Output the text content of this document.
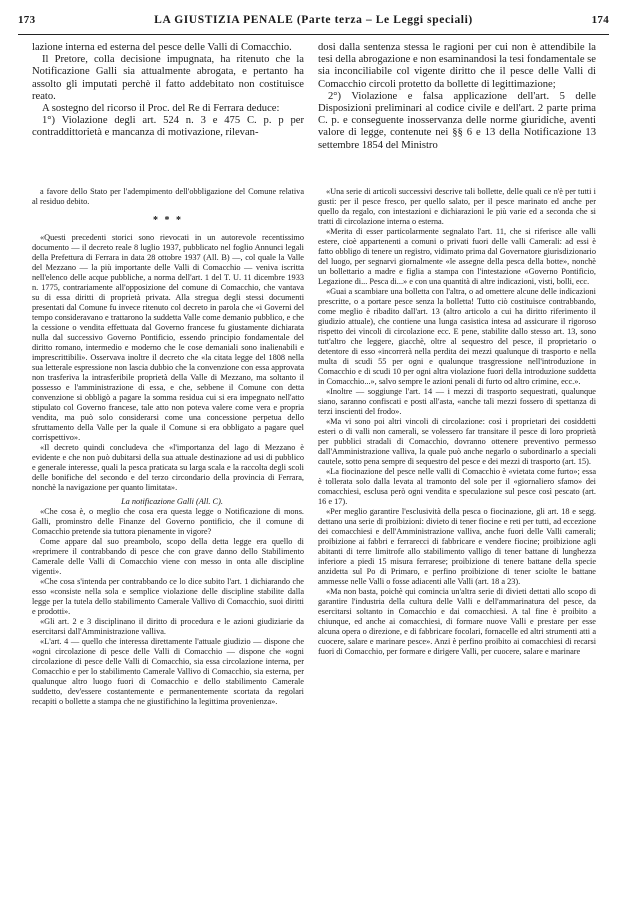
173	LA GIUSTIZIA PENALE (Parte terza – Le Leggi speciali)	174

lazione interna ed esterna del pesce delle Valli di Comacchio.

Il Pretore, colla decisione impugnata, ha ritenuto che la Notificazione Galli sia attualmente abrogata, e pertanto ha assolto gli imputati perchè il fatto addebitato non costituisce reato.

A sostegno del ricorso il Proc. del Re di Ferrara deduce:

1°) Violazione degli art. 524 n. 3 e 475 C. p. p per contraddittorietà e mancanza di motivazione, rilevan-

dosi dalla sentenza stessa le ragioni per cui non è attendibile la tesi della abrogazione e non esaminandosi la tesi fondamentale se sia inconciliabile col vigente diritto che il pesce delle Valli di Comacchio circoli protetto da bollette di legittimazione;

2°) Violazione e falsa applicazione dell'art. 5 delle Disposizioni preliminari al codice civile e dell'art. 2 parte prima C. p. e conseguente inosservanza delle norme giuridiche, aventi valore di legge, contenute nei §§ 6 e 13 della Notificazione 13 settembre 1854 del Ministro

a favore dello Stato per l'adempimento dell'obbligazione del Comune relativa al residuo debito.

* * *

«Questi precedenti storici sono rievocati in un autorevole recentissimo documento — il decreto reale 8 luglio 1937, pubblicato nel foglio Annunci legali della Prefettura di Ferrara in data 28 ottobre 1937 (All. B) —, col quale la Valle del Mezzano — la più importante delle Valli di Comacchio — veniva iscritta nell'elenco delle acque pubbliche, a norma dell'art. 1 del T. U. 11 dicembre 1933 n. 1775, contrariamente all'opposizione del comune di Comacchio, che vantava su di essa diritti di proprietà privata. Alla stregua degli stessi documenti presentati dal Comune fu invece ritenuto col decreto in parola che «i Governi del tempo consideravano e trattarono la suddetta Valle come demanio pubblico, e che la cessione o vendita effettuata dal Governo francese fu giustamente dichiarata nulla dal successivo Governo Pontificio, essendo principio fondamentale del diritto romano, intermedio e moderno che le cose demaniali sono inalienabili e imprescrittibili». Osservava inoltre il decreto che «la citata legge del 1808 nella sua letterale espressione non lascia dubbio che la convenzione con essa approvata non trasferiva la intrasferibile proprietà della Valle di Mezzano, ma soltanto il possesso e l'amministrazione di essa, e che, sebbene il Comune con detta convenzione si obbligò a pagare la somma residua cui si era impegnato nell'atto stipulato col Governo francese, tale atto non poteva valere come vera e propria vendita, ma può solo considerarsi come una concessione perpetua dello sfruttamento della Valle per la quale il Comune si era obbligato a pagare quel corrispettivo».

«Il decreto quindi concludeva che «l'importanza del lago di Mezzano è evidente e che non può dubitarsi della sua attuale destinazione ad usi di pubblico e generale interesse, quali la pesca praticata su larga scala e la raccolta degli scoli delle bonifiche del secondo e del terzo circondario della provincia di Ferrara, nonchè la navigazione per quanto limitata».

La notificazione Galli (All. C).

«Che cosa è, o meglio che cosa era questa legge o Notificazione di mons. Galli, prominstro delle Finanze del Governo pontificio, che il comune di Comacchio pretende sia tuttora pienamente in vigore?

Come appare dal suo preambolo, scopo della detta legge era quello di «reprimere il contrabbando di pesce che con grave danno dello Stabilimento Camerale delle Valli di Comacchio viene con messo in onta alle discipline vigenti».

«Che cosa s'intenda per contrabbando ce lo dice subito l'art. 1 dichiarando che esso «consiste nella sola e semplice violazione delle discipline stabilite dalla legge per la tutela dello stabilimento Camerale Vallivo di Comacchio, suoi diritti e prodotti».

«Gli art. 2 e 3 disciplinano il diritto di procedura e le azioni giudiziarie da esercitarsi dall'Amministrazione valliva.

«L'art. 4 — quello che interessa direttamente l'attuale giudizio — dispone che «ogni circolazione di pesce delle Valli di Comacchio — dispone che «ogni circolazione di pesce delle Valli di Comacchio, sia essa circolazione interna, per Comacchio e per lo stabilimento Camerale Vallivo di Comacchio, sia esterna, per qualunque altro luogo fuori di Comacchio e dello stabilimento Camerale suddetto, dev'essere costantemente e permanentemente scortata da regolari recapiti o bollette a stampa che ne giustifichino la legittima provenienza».

«Una serie di articoli successivi descrive tali bollette, delle quali ce n'è per tutti i gusti: per il pesce fresco, per quello salato, per il pesce marinato ed anche per quello da regalo, con intestazioni e dichiarazioni le più varie ed a seconda che si tratti di circolazione interna o esterna.

«Merita di esser particolarmente segnalato l'art. 11, che si riferisce alle valli estere, cioè appartenenti a comuni o privati fuori delle valli Camerali: ad essi è fatto obbligo di tenere un registro, vidimato prima dal Governatore giurisdizionario del luogo, per segnarvi giornalmente «le assegne della pesca della botte», nonchè un bollettario a madre e figlia a stampa con l'intestazione «Governo Pontificio, Legazione di... Pesca di...» e con una quantità di altre indicazioni, visti, bolli, ecc.

«Guai a scambiare una bolletta con l'altra, o ad omettere alcune delle indicazioni prescritte, o a portare pesce senza la bolletta! Tutto ciò costituisce contrabbando, come meglio è ribadito dall'art. 13 (altro articolo a cui ha diritto riferimento il giudizio attuale), che contiene una lunga casistica intesa ad assicurare il rigoroso rispetto dei vincoli di circolazione ecc. E pene, stabilite dallo stesso art. 13, sono tutt'altro che leggere, giacchè, oltre al sequestro del pesce, il proprietario o detentore di esso «incorrerà nella perdita dei mezzi qualunque di trasporto e nella multa di scudi 55 per ogni e qualunque trasgressione nell'introduzione in Comacchio e di scudi 10 per ogni altra violazione fuori della introduzione suddetta in Comacchio...», salvo sempre le azioni penali di furto od altro crimine, ecc.».

«Inoltre — soggiunge l'art. 14 — i mezzi di trasporto sequestrati, qualunque siano, saranno confiscati e posti all'asta, «anche tali mezzi fossero di spettanza di terzi inscienti del frodo».

«Ma vi sono poi altri vincoli di circolazione: così i proprietari dei cosiddetti esteri o di valli non camerali, se volessero far transitare il pesce di loro proprietà per pubblici stradali di Comacchio, dovranno ottenere preventivo permesso dall'Amministrazione valliva, la quale può anche negarlo o subordinarlo a speciali cautele, sotto pena sempre di sequestro del pesce e dei mezzi di trasporto (art. 15).

«La fiocinazione del pesce nelle valli di Comacchio è «vietata come furto»; essa è tollerata solo dalla levata al tramonto del sole per il «giornaliero sfamo» dei comacchiesi, esclusa però ogni vendita e speculazione sul pesce così pescato (art. 16 e 17).

«Per meglio garantire l'esclusività della pesca o fiocinazione, gli art. 18 e segg. dettano una serie di proibizioni: divieto di tener fiocine e reti per tutti, ad eccezione dei comacchiesi e dell'Amministrazione valliva, anche fuori delle Valli camerali; proibizione ai fabbri e ferrarecci di fabbricare e vendere fiocine; proibizione agli abitanti di terre limitrofe allo stabilimento valligo di tener battane di lunghezza inferiore a piedi 15 misura ferrarese; proibizione di tenere battane della specie anzidetta sul Po di Primaro, e perfino proibizione di tener sciolte le battane ammesse nelle Valli o fosse adiacenti alle Valli (art. 18 a 23).

«Ma non basta, poichè qui comincia un'altra serie di divieti dettati allo scopo di garantire l'industria della cultura delle Valli e dell'ammarinatura del pesce, da esercitarsi soltanto in Comacchio e dai comacchiesi. A tal fine è proibito a chiunque, ed anche ai comacchiesi, di formare nuove Valli e prestare per esse alcuna opera o direzione, e di fabbricare focolari, fornacelle ed altri strumenti atti a cuocere, salare e marinare pesce». Anzi è perfino proibito ai comacchiesi di recarsi fuori di Comacchio, per formare e dirigere Valli, per cuocere, salare e marinare
